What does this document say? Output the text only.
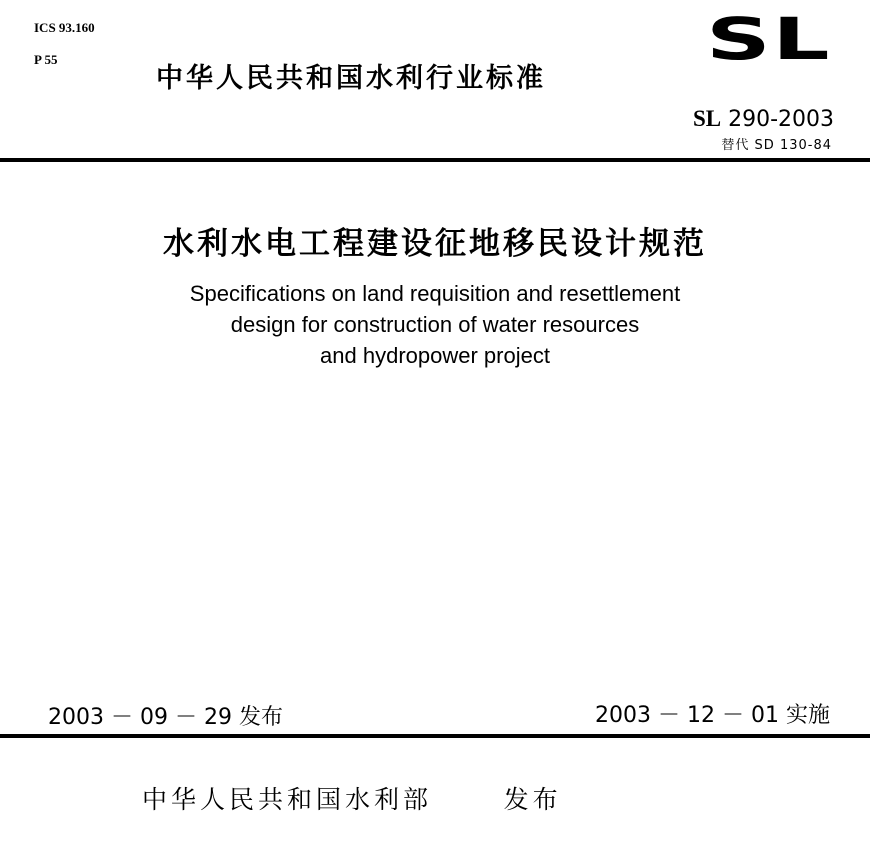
ICS 93.160
P 55	SL
中华人民共和国水利行业标准
SL 290-2003
替代 SD 130-84
水利水电工程建设征地移民设计规范
Specifications on land requisition and resettlement
design for construction of water resources
and hydropower project
2003 － 09 － 29 发布	2003 － 12 － 01 实施
中华人民共和国水利部      发布
